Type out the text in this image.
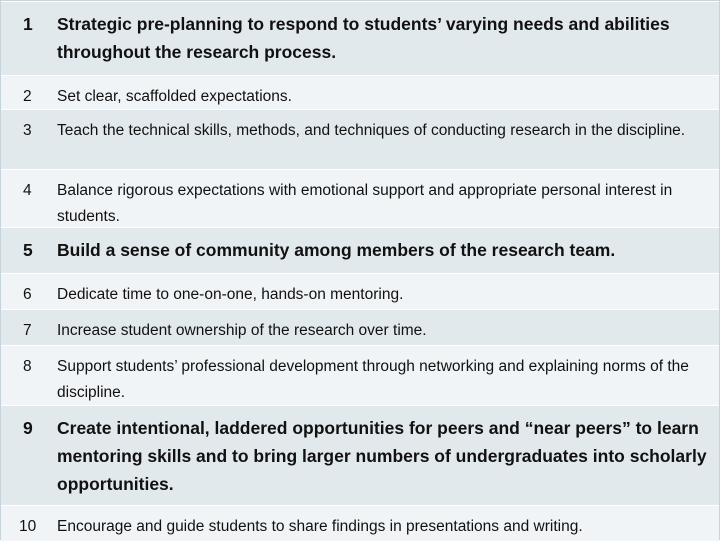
1	Strategic pre-planning to respond to students’ varying needs and abilities throughout the research process.
2	Set clear, scaffolded expectations.
3	Teach the technical skills, methods, and techniques of conducting research in the discipline.
4	Balance rigorous expectations with emotional support and appropriate personal interest in students.
5	Build a sense of community among members of the research team.
6	Dedicate time to one-on-one, hands-on mentoring.
7	Increase student ownership of the research over time.
8	Support students’ professional development through networking and explaining norms of the discipline.
9	Create intentional, laddered opportunities for peers and “near peers” to learn mentoring skills and to bring larger numbers of undergraduates into scholarly opportunities.
10	Encourage and guide students to share findings in presentations and writing.
